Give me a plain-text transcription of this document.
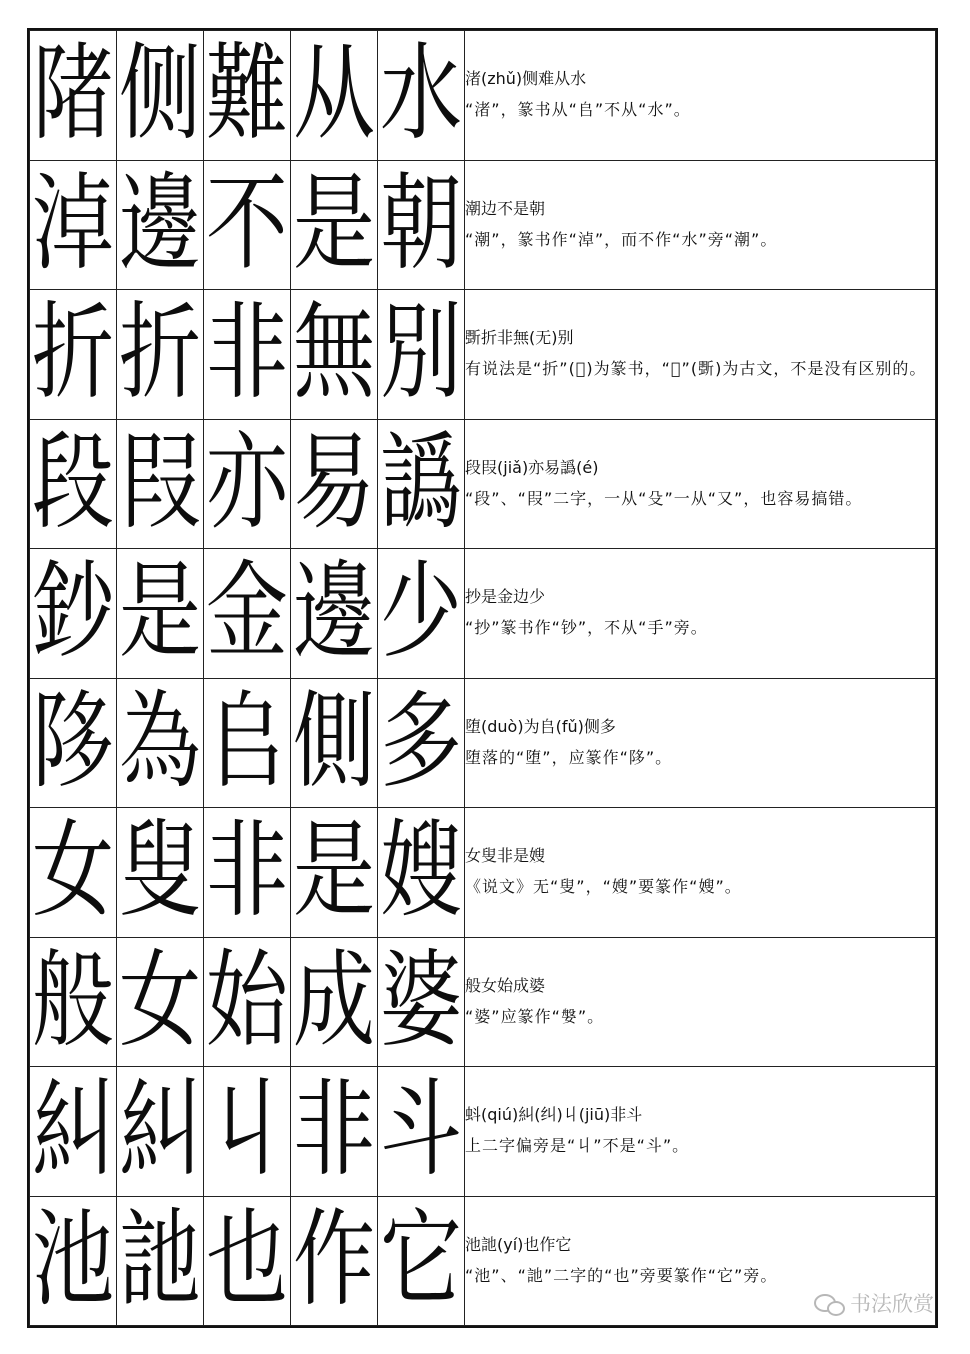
陼	侧	難	从	水	渚(zhǔ)侧难从水
“渚”，篆书从“𠂤”不从“水”。

淖	邊	不	是	朝	潮边不是朝
“潮”，篆书作“淖”，而不作“水”旁“潮”。

折	折	非	無	別	斲折非無(无)别
有说法是“折”(𣂚)为篆书，“𣂚”(斲)为古文，不是没有区别的。

段	叚	亦	易	譌	段叚(jiǎ)亦易譌(é)
“段”、“叚”二字，一从“殳”一从“又”，也容易搞错。

鈔	是	金	邊	少	抄是金边少
“抄”篆书作“钞”，不从“手”旁。

陊	為	𠂤	側	多	堕(duò)为𠂤(fǔ)侧多
堕落的“堕”，应篆作“陊”。

女	叟	非	是	嫂	女叟非是嫂
《说文》无“叟”，“嫂”要篆作“嫂”。

般	女	始	成	婆	般女始成婆
“婆”应篆作“媻”。

糾	糾	丩	非	斗	蚪(qiú)糾(纠)丩(jiū)非斗
上二字偏旁是“丩”不是“斗”。

池	訑	也	作	它	池訑(yí)也作它
“池”、“訑”二字的“也”旁要篆作“它”旁。
书法欣赏
